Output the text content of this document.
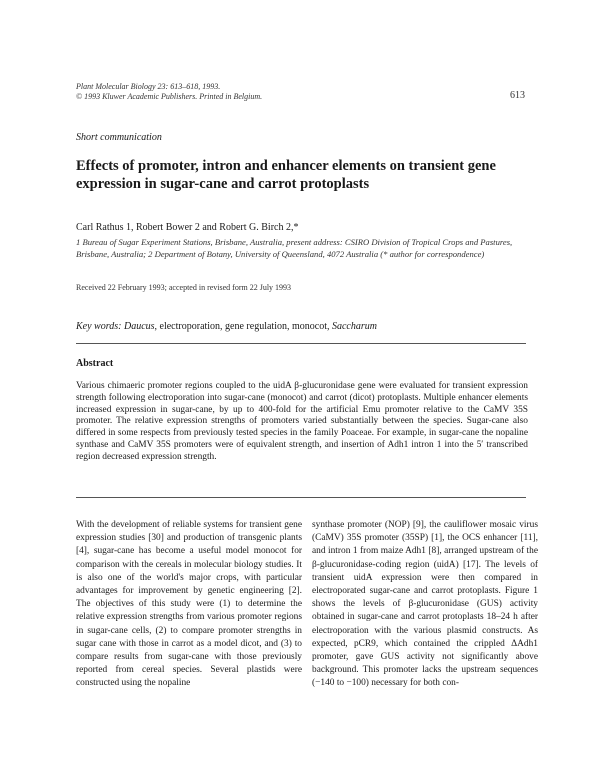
Plant Molecular Biology 23: 613–618, 1993.
© 1993 Kluwer Academic Publishers. Printed in Belgium.	613
Short communication
Effects of promoter, intron and enhancer elements on transient gene expression in sugar-cane and carrot protoplasts
Carl Rathus 1, Robert Bower 2 and Robert G. Birch 2,*
1 Bureau of Sugar Experiment Stations, Brisbane, Australia, present address: CSIRO Division of Tropical Crops and Pastures, Brisbane, Australia; 2 Department of Botany, University of Queensland, 4072 Australia (* author for correspondence)
Received 22 February 1993; accepted in revised form 22 July 1993
Key words: Daucus, electroporation, gene regulation, monocot, Saccharum
Abstract
Various chimaeric promoter regions coupled to the uidA β-glucuronidase gene were evaluated for transient expression strength following electroporation into sugar-cane (monocot) and carrot (dicot) protoplasts. Multiple enhancer elements increased expression in sugar-cane, by up to 400-fold for the artificial Emu promoter relative to the CaMV 35S promoter. The relative expression strengths of promoters varied substantially between the species. Sugar-cane also differed in some respects from previously tested species in the family Poaceae. For example, in sugar-cane the nopaline synthase and CaMV 35S promoters were of equivalent strength, and insertion of Adh1 intron 1 into the 5′ transcribed region decreased expression strength.
With the development of reliable systems for transient gene expression studies [30] and production of transgenic plants [4], sugar-cane has become a useful model monocot for comparison with the cereals in molecular biology studies. It is also one of the world's major crops, with particular advantages for improvement by genetic engineering [2]. The objectives of this study were (1) to determine the relative expression strengths from various promoter regions in sugar-cane cells, (2) to compare promoter strengths in sugar cane with those in carrot as a model dicot, and (3) to compare results from sugar-cane with those previously reported from cereal species. Several plastids were constructed using the nopaline
synthase promoter (NOP) [9], the cauliflower mosaic virus (CaMV) 35S promoter (35SP) [1], the OCS enhancer [11], and intron 1 from maize Adh1 [8], arranged upstream of the β-glucuronidase-coding region (uidA) [17]. The levels of transient uidA expression were then compared in electroporated sugar-cane and carrot protoplasts. Figure 1 shows the levels of β-glucuronidase (GUS) activity obtained in sugar-cane and carrot protoplasts 18–24 h after electroporation with the various plasmid constructs. As expected, pCR9, which contained the crippled ΔAdh1 promoter, gave GUS activity not significantly above background. This promoter lacks the upstream sequences (−140 to −100) necessary for both con-
